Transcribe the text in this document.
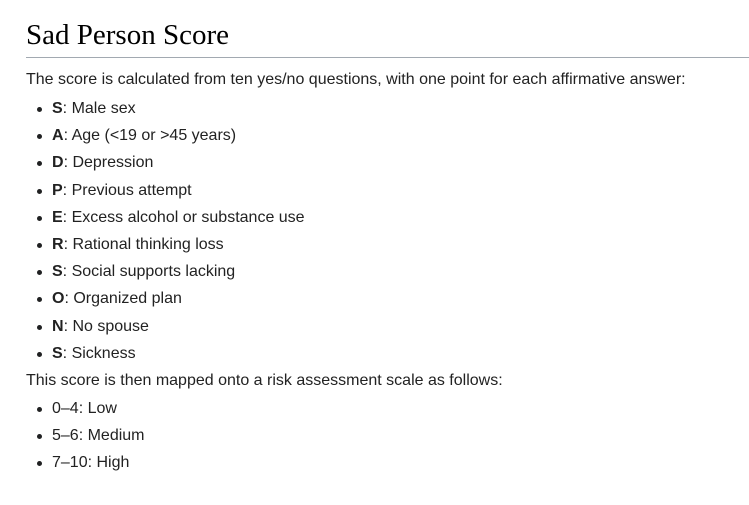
Sad Person Score

The score is calculated from ten yes/no questions, with one point for each affirmative answer:

S: Male sex
A: Age (<19 or >45 years)
D: Depression
P: Previous attempt
E: Excess alcohol or substance use
R: Rational thinking loss
S: Social supports lacking
O: Organized plan
N: No spouse
S: Sickness

This score is then mapped onto a risk assessment scale as follows:

0–4: Low
5–6: Medium
7–10: High
